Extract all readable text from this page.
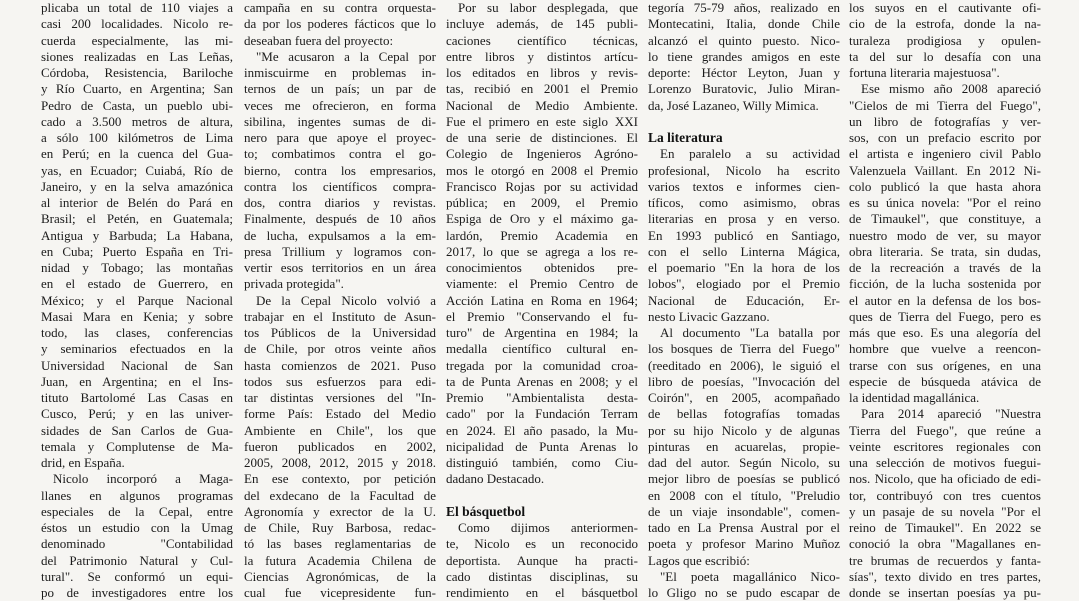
plicaba un total de 110 viajes a
casi 200 localidades. Nicolo re-
cuerda especialmente, las mi-
siones realizadas en Las Leñas,
Córdoba, Resistencia, Bariloche
y Río Cuarto, en Argentina; San
Pedro de Casta, un pueblo ubi-
cado a 3.500 metros de altura,
a sólo 100 kilómetros de Lima
en Perú; en la cuenca del Gua-
yas, en Ecuador; Cuiabá, Río de
Janeiro, y en la selva amazónica
al interior de Belén do Pará en
Brasil; el Petén, en Guatemala;
Antigua y Barbuda; La Habana,
en Cuba; Puerto España en Tri-
nidad y Tobago; las montañas
en el estado de Guerrero, en
México; y el Parque Nacional
Masai Mara en Kenia; y sobre
todo, las clases, conferencias
y seminarios efectuados en la
Universidad Nacional de San
Juan, en Argentina; en el Ins-
tituto Bartolomé Las Casas en
Cusco, Perú; y en las univer-
sidades de San Carlos de Gua-
temala y Complutense de Ma-
drid, en España.
Nicolo incorporó a Maga-
llanes en algunos programas
especiales de la Cepal, entre
éstos un estudio con la Umag
denominado "Contabilidad
del Patrimonio Natural y Cul-
tural". Se conformó un equi-
po de investigadores entre los
campaña en su contra orquesta-
da por los poderes fácticos que lo
deseaban fuera del proyecto:
"Me acusaron a la Cepal por
inmiscuirme en problemas in-
ternos de un país; un par de
veces me ofrecieron, en forma
sibilina, ingentes sumas de di-
nero para que apoye el proyec-
to; combatimos contra el go-
bierno, contra los empresarios,
contra los científicos compra-
dos, contra diarios y revistas.
Finalmente, después de 10 años
de lucha, expulsamos a la em-
presa Trillium y logramos con-
vertir esos territorios en un área
privada protegida".
De la Cepal Nicolo volvió a
trabajar en el Instituto de Asun-
tos Públicos de la Universidad
de Chile, por otros veinte años
hasta comienzos de 2021. Puso
todos sus esfuerzos para edi-
tar distintas versiones del "In-
forme País: Estado del Medio
Ambiente en Chile", los que
fueron publicados en 2002,
2005, 2008, 2012, 2015 y 2018.
En ese contexto, por petición
del exdecano de la Facultad de
Agronomía y exrector de la U.
de Chile, Ruy Barbosa, redac-
tó las bases reglamentarias de
la futura Academia Chilena de
Ciencias Agronómicas, de la
cual fue vicepresidente fun-
Por su labor desplegada, que
incluye además, de 145 publi-
caciones científico técnicas,
entre libros y distintos artícu-
los editados en libros y revis-
tas, recibió en 2001 el Premio
Nacional de Medio Ambiente.
Fue el primero en este siglo XXI
de una serie de distinciones. El
Colegio de Ingenieros Agróno-
mos le otorgó en 2008 el Premio
Francisco Rojas por su actividad
pública; en 2009, el Premio
Espiga de Oro y el máximo ga-
lardón, Premio Academia en
2017, lo que se agrega a los re-
conocimientos obtenidos pre-
viamente: el Premio Centro de
Acción Latina en Roma en 1964;
el Premio "Conservando el fu-
turo" de Argentina en 1984; la
medalla científico cultural en-
tregada por la comunidad croa-
ta de Punta Arenas en 2008; y el
Premio "Ambientalista desta-
cado" por la Fundación Terram
en 2024. El año pasado, la Mu-
nicipalidad de Punta Arenas lo
distinguió también, como Ciu-
dadano Destacado.
El básquetbol
Como dijimos anteriormen-
te, Nicolo es un reconocido
deportista. Aunque ha practi-
cado distintas disciplinas, su
rendimiento en el básquetbol
tegoría 75-79 años, realizado en
Montecatini, Italia, donde Chile
alcanzó el quinto puesto. Nico-
lo tiene grandes amigos en este
deporte: Héctor Leyton, Juan y
Lorenzo Buratovic, Julio Miran-
da, José Lazaneo, Willy Mimica.
La literatura
En paralelo a su actividad
profesional, Nicolo ha escrito
varios textos e informes cien-
tíficos, como asimismo, obras
literarias en prosa y en verso.
En 1993 publicó en Santiago,
con el sello Linterna Mágica,
el poemario "En la hora de los
lobos", elogiado por el Premio
Nacional de Educación, Er-
nesto Livacic Gazzano.
Al documento "La batalla por
los bosques de Tierra del Fuego"
(reeditado en 2006), le siguió el
libro de poesías, "Invocación del
Coirón", en 2005, acompañado
de bellas fotografías tomadas
por su hijo Nicolo y de algunas
pinturas en acuarelas, propie-
dad del autor. Según Nicolo, su
mejor libro de poesías se publicó
en 2008 con el título, "Preludio
de un viaje insondable", comen-
tado en La Prensa Austral por el
poeta y profesor Marino Muñoz
Lagos que escribió:
"El poeta magallánico Nico-
lo Gligo no se pudo escapar de
los suyos en el cautivante ofi-
cio de la estrofa, donde la na-
turaleza prodigiosa y opulen-
ta del sur lo desafía con una
fortuna literaria majestuosa".
Ese mismo año 2008 apareció
"Cielos de mi Tierra del Fuego",
un libro de fotografías y ver-
sos, con un prefacio escrito por
el artista e ingeniero civil Pablo
Valenzuela Vaillant. En 2012 Ni-
colo publicó la que hasta ahora
es su única novela: "Por el reino
de Timaukel", que constituye, a
nuestro modo de ver, su mayor
obra literaria. Se trata, sin dudas,
de la recreación a través de la
ficción, de la lucha sostenida por
el autor en la defensa de los bos-
ques de Tierra del Fuego, pero es
más que eso. Es una alegoría del
hombre que vuelve a reencon-
trarse con sus orígenes, en una
especie de búsqueda atávica de
la identidad magallánica.
Para 2014 apareció "Nuestra
Tierra del Fuego", que reúne a
veinte escritores regionales con
una selección de motivos fuegui-
nos. Nicolo, que ha oficiado de edi-
tor, contribuyó con tres cuentos
y un pasaje de su novela "Por el
reino de Timaukel". En 2022 se
conoció la obra "Magallanes en-
tre brumas de recuerdos y fanta-
sías", texto divido en tres partes,
donde se insertan poesías ya pu-
